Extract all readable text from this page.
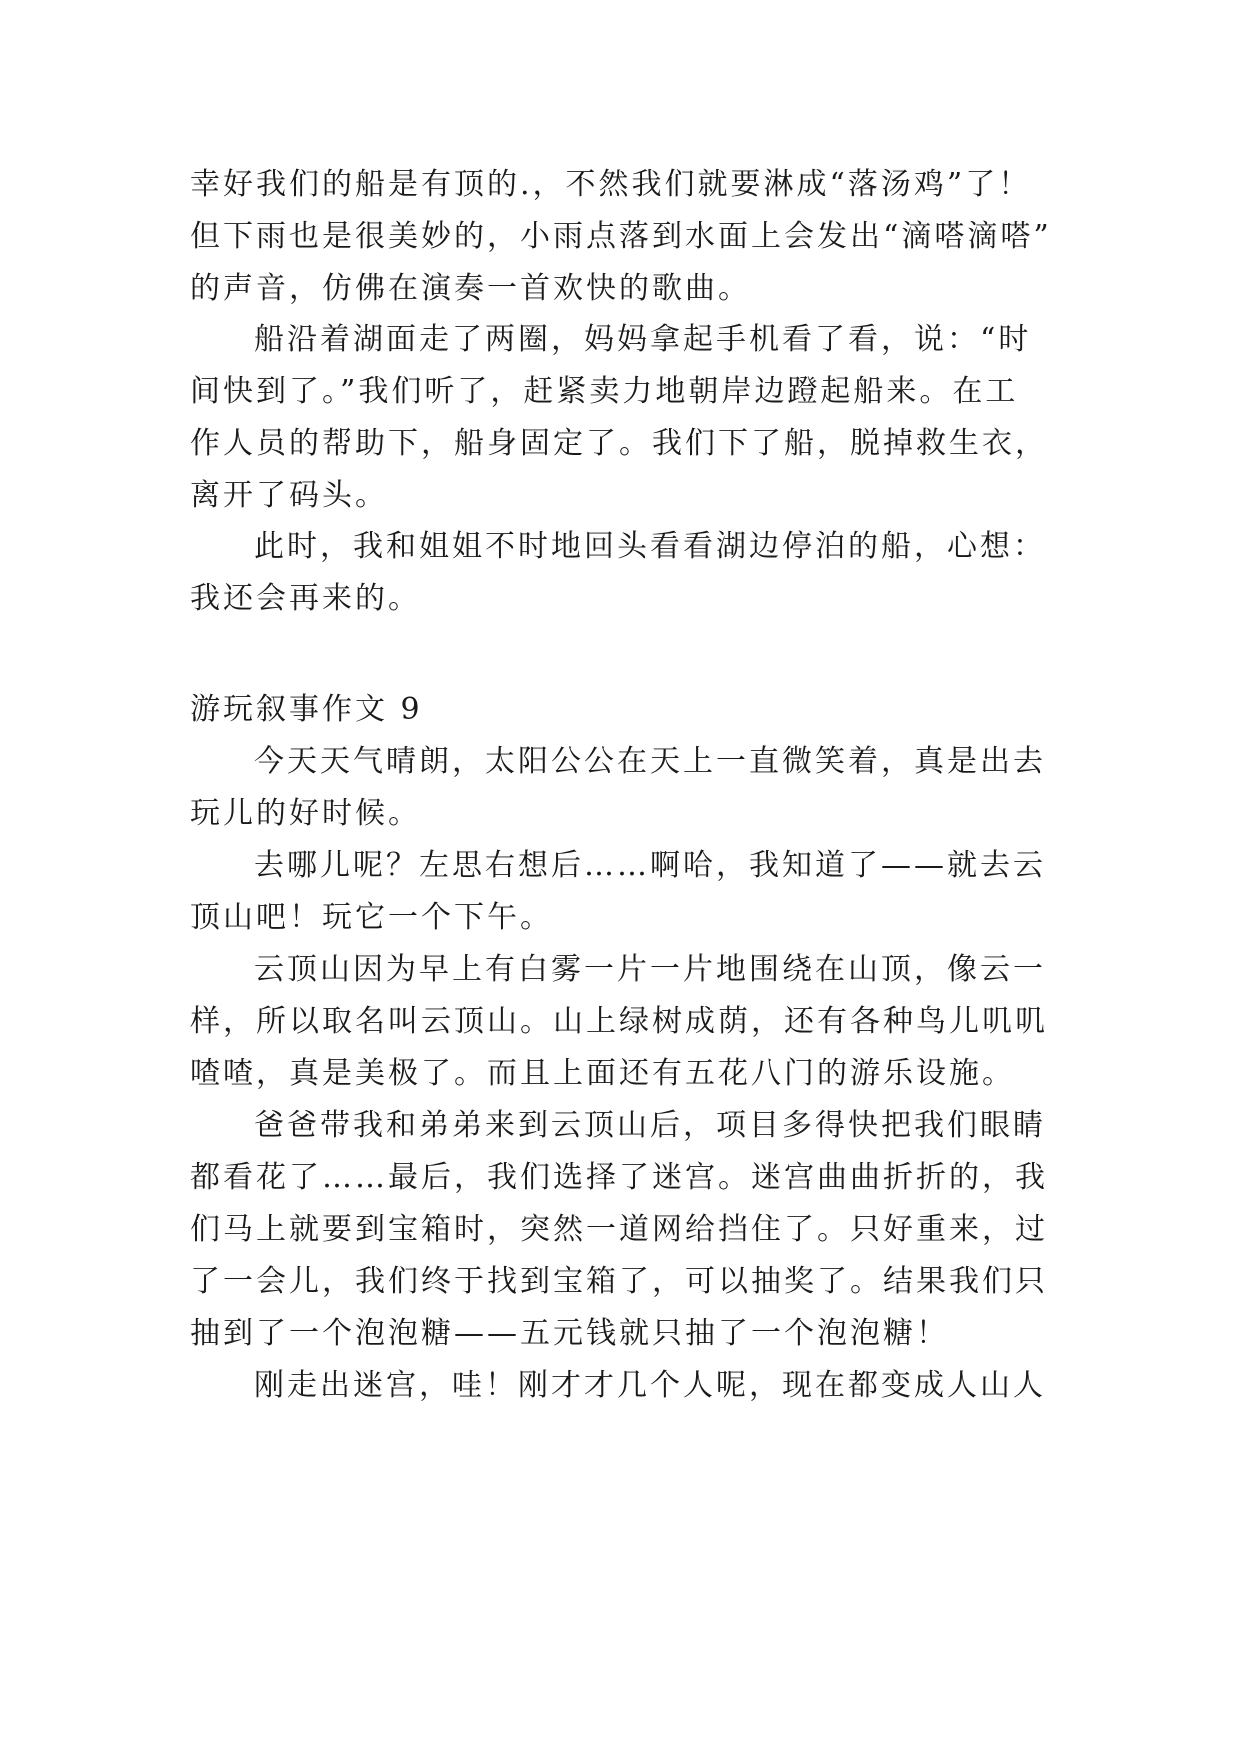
幸好我们的船是有顶的.，不然我们就要淋成“落汤鸡”了！
但下雨也是很美妙的，小雨点落到水面上会发出“滴嗒滴嗒”
的声音，仿佛在演奏一首欢快的歌曲。
船沿着湖面走了两圈，妈妈拿起手机看了看，说：“时
间快到了。”我们听了，赶紧卖力地朝岸边蹬起船来。在工
作人员的帮助下，船身固定了。我们下了船，脱掉救生衣，
离开了码头。
此时，我和姐姐不时地回头看看湖边停泊的船，心想：
我还会再来的。
游玩叙事作文 9
今天天气晴朗，太阳公公在天上一直微笑着，真是出去
玩儿的好时候。
去哪儿呢？左思右想后……啊哈，我知道了——就去云
顶山吧！玩它一个下午。
云顶山因为早上有白雾一片一片地围绕在山顶，像云一
样，所以取名叫云顶山。山上绿树成荫，还有各种鸟儿叽叽
喳喳，真是美极了。而且上面还有五花八门的游乐设施。
爸爸带我和弟弟来到云顶山后，项目多得快把我们眼睛
都看花了……最后，我们选择了迷宫。迷宫曲曲折折的，我
们马上就要到宝箱时，突然一道网给挡住了。只好重来，过
了一会儿，我们终于找到宝箱了，可以抽奖了。结果我们只
抽到了一个泡泡糖——五元钱就只抽了一个泡泡糖！
刚走出迷宫，哇！刚才才几个人呢，现在都变成人山人
